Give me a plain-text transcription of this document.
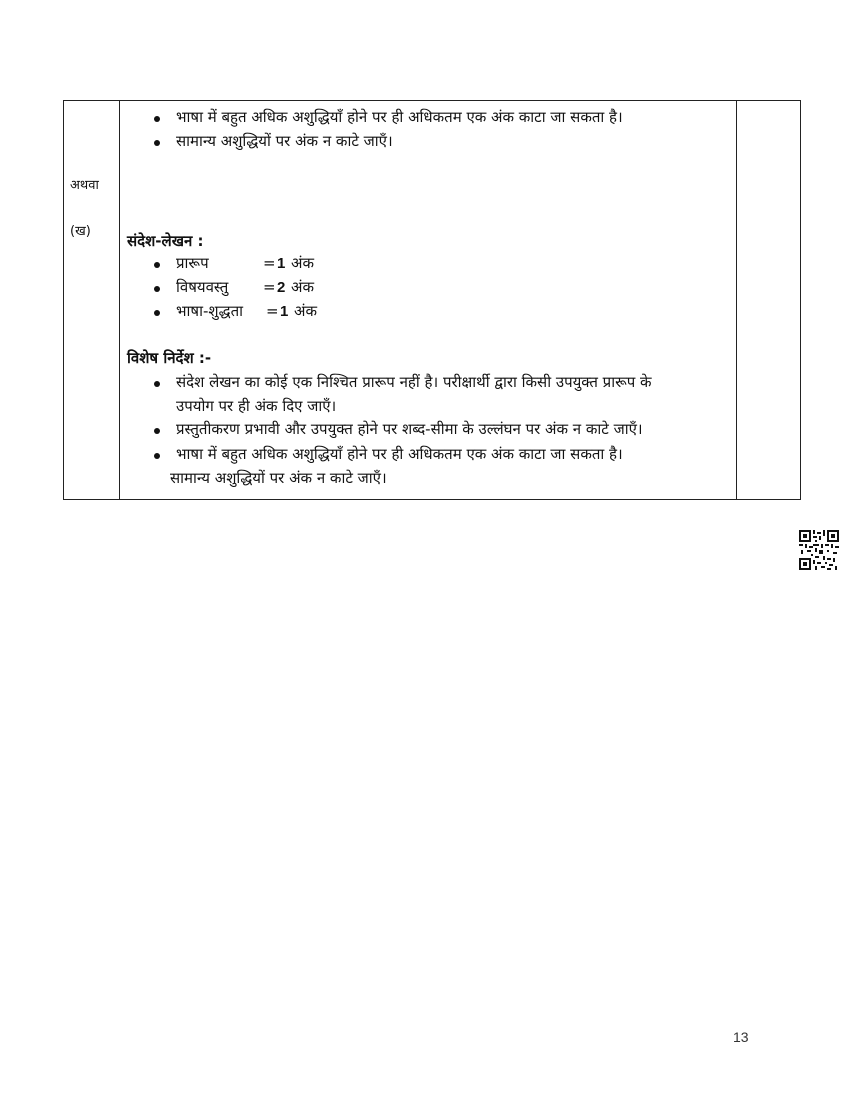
अथवा
(ख)
भाषा में बहुत अधिक अशुद्धियाँ होने पर ही अधिकतम एक अंक काटा जा सकता है।
सामान्य अशुद्धियों पर अंक न काटे जाएँ।
संदेश-लेखन :
प्रारूप	= 1 अंक
विषयवस्तु = 2 अंक
भाषा-शुद्धता = 1 अंक
विशेष निर्देश :-
संदेश लेखन का कोई एक निश्चित प्रारूप नहीं है। परीक्षार्थी द्वारा किसी उपयुक्त प्रारूप के
उपयोग पर ही अंक दिए जाएँ।
प्रस्तुतीकरण प्रभावी और उपयुक्त होने पर शब्द-सीमा के उल्लंघन पर अंक न काटे जाएँ।
भाषा में बहुत अधिक अशुद्धियाँ होने पर ही अधिकतम एक अंक काटा जा सकता है।
सामान्य अशुद्धियों पर अंक न काटे जाएँ।
13
